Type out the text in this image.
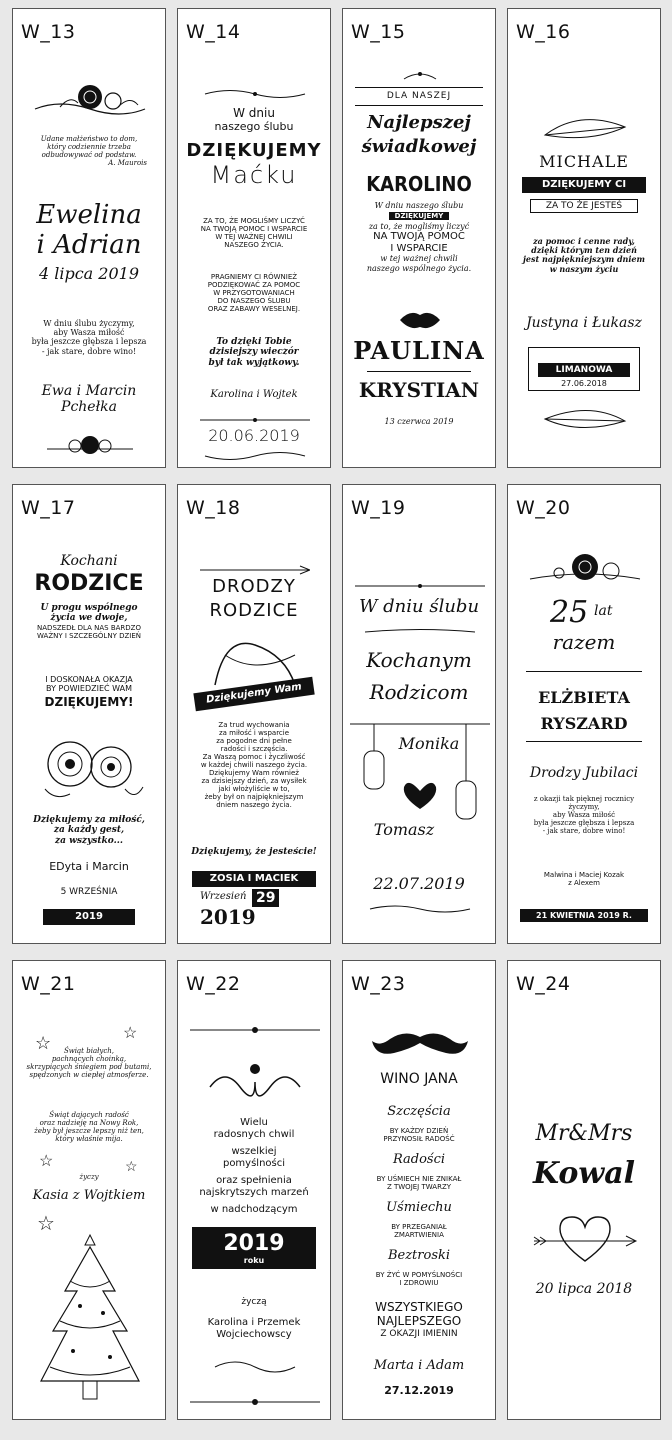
W_13
Udane małżeństwo to dom,
który codziennie trzeba
odbudowywać od podstaw.
A. Maurois
Ewelina
i Adrian
4 lipca 2019
W dniu ślubu życzymy,
aby Wasza miłość
była jeszcze głębsza i lepsza
- jak stare, dobre wino!
Ewa i Marcin
Pchełka
W_14
W dniu
naszego ślubu
DZIĘKUJEMY
Maćku
ZA TO, ŻE MOGLIŚMY LICZYĆ
NA TWOJĄ POMOC I WSPARCIE
W TEJ WAŻNEJ CHWILI
NASZEGO ŻYCIA.
PRAGNIEMY CI RÓWNIEŻ
PODZIĘKOWAĆ ZA POMOC
W PRZYGOTOWANIACH
DO NASZEGO ŚLUBU
ORAZ ZABAWY WESELNEJ.
To dzięki Tobie
dzisiejszy wieczór
był tak wyjątkowy.
Karolina i Wojtek
20.06.2019
W_15
DLA NASZEJ
Najlepszej
świadkowej
KAROLINO
W dniu naszego ślubu
DZIĘKUJEMY
za to, że mogliśmy liczyć
NA TWOJĄ POMOC
I WSPARCIE
w tej ważnej chwili
naszego wspólnego życia.
PAULINA
KRYSTIAN
13 czerwca 2019
W_16
MICHALE
DZIĘKUJEMY CI
ZA TO ŻE JESTEŚ
za pomoc i cenne rady,
dzięki którym ten dzień
jest najpiękniejszym dniem
w naszym życiu
Justyna i Łukasz
LIMANOWA
27.06.2018
W_17
Kochani
RODZICE
U progu wspólnego
życia we dwoje,
NADSZEDŁ DLA NAS BARDZO
WAŻNY I SZCZEGÓLNY DZIEŃ
I DOSKONAŁA OKAZJA
BY POWIEDZIEĆ WAM
DZIĘKUJEMY!
Dziękujemy za miłość,
za każdy gest,
za wszystko...
EDyta i Marcin
5 WRZEŚNIA
2019
W_18
DRODZY
RODZICE
Dziękujemy Wam
Za trud wychowania
za miłość i wsparcie
za pogodne dni pełne
radości i szczęścia.
Za Waszą pomoc i życzliwość
w każdej chwili naszego życia.
Dziękujemy Wam również
za dzisiejszy dzień, za wysiłek
jaki włożyliście w to,
żeby był on najpiękniejszym
dniem naszego życia.
Dziękujemy, że jesteście!
ZOSIA I MACIEK
Wrzesień 29
2019
W_19
W dniu ślubu
Kochanym
Rodzicom
Monika
Tomasz
22.07.2019
W_20
25 lat
razem
ELŻBIETA
RYSZARD
Drodzy Jubilaci
z okazji tak pięknej rocznicy
życzymy,
aby Wasza miłość
była jeszcze głębsza i lepsza
- jak stare, dobre wino!
Malwina i Maciej Kozak
z Alexem
21 KWIETNIA 2019 R.
W_21
☆
☆
Świąt białych,
pachnących choinką,
skrzypiących śniegiem pod butami,
spędzonych w ciepłej atmosferze.
Świąt dających radość
oraz nadzieję na Nowy Rok,
żeby był jeszcze lepszy niż ten,
który właśnie mija.
☆	☆
życzy
Kasia z Wojtkiem
☆
W_22
Wielu
radosnych chwil
wszelkiej
pomyślności
oraz spełnienia
najskrytszych marzeń
w nadchodzącym
2019
roku
życzą
Karolina i Przemek
Wojciechowscy
W_23
WINO JANA
Szczęścia
BY KAŻDY DZIEŃ
PRZYNOSIŁ RADOŚĆ
Radości
BY UŚMIECH NIE ZNIKAŁ
Z TWOJEJ TWARZY
Uśmiechu
BY PRZEGANIAŁ
ZMARTWIENIA
Beztroski
BY ŻYĆ W POMYŚLNOŚCI
I ZDROWIU
WSZYSTKIEGO
NAJLEPSZEGO
Z OKAZJI IMIENIN
Marta i Adam
27.12.2019
W_24
Mr&Mrs
Kowal
20 lipca 2018
